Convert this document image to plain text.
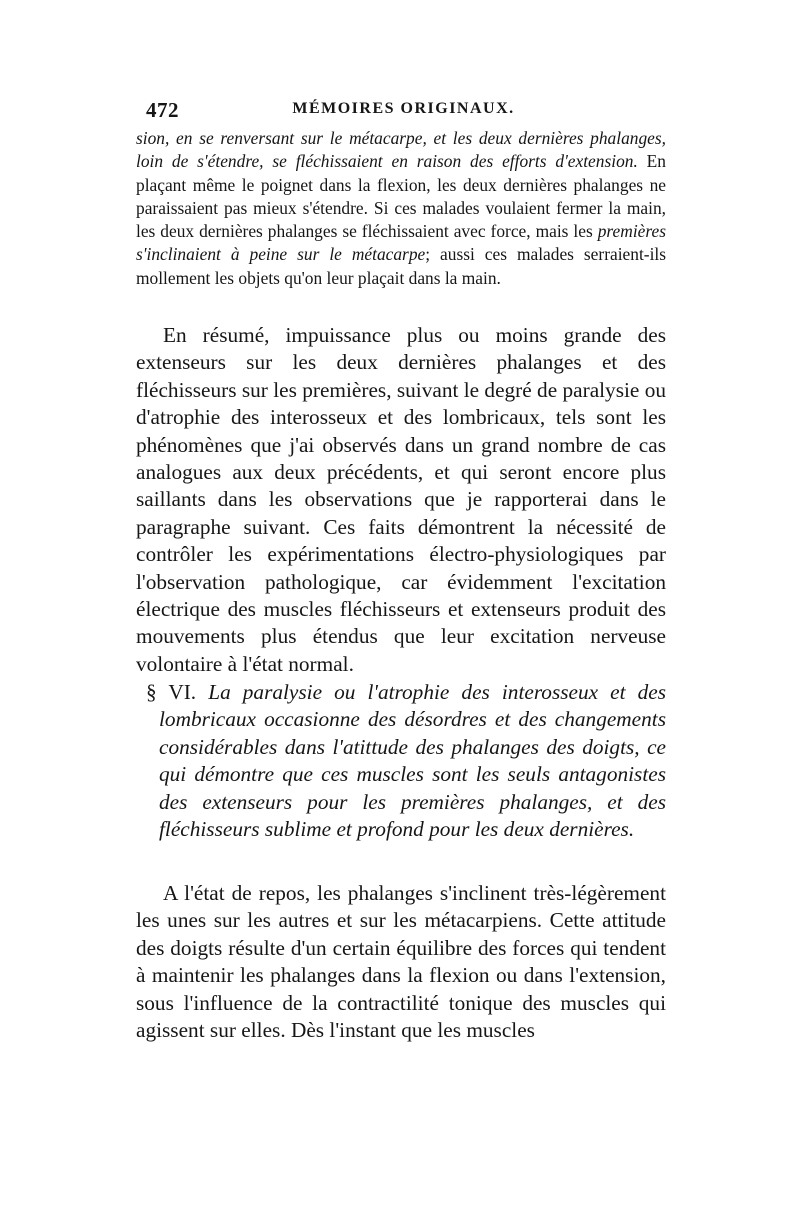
472	MÉMOIRES ORIGINAUX.

sion, en se renversant sur le métacarpe, et les deux dernières phalanges, loin de s'étendre, se fléchissaient en raison des efforts d'extension. En plaçant même le poignet dans la flexion, les deux dernières phalanges ne paraissaient pas mieux s'étendre. Si ces malades voulaient fermer la main, les deux dernières phalanges se fléchissaient avec force, mais les premières s'inclinaient à peine sur le métacarpe; aussi ces malades serraient-ils mollement les objets qu'on leur plaçait dans la main.

En résumé, impuissance plus ou moins grande des extenseurs sur les deux dernières phalanges et des fléchisseurs sur les premières, suivant le degré de paralysie ou d'atrophie des interosseux et des lombricaux, tels sont les phénomènes que j'ai observés dans un grand nombre de cas analogues aux deux précédents, et qui seront encore plus saillants dans les observations que je rapporterai dans le paragraphe suivant. Ces faits démontrent la nécessité de contrôler les expérimentations électro-physiologiques par l'observation pathologique, car évidemment l'excitation électrique des muscles fléchisseurs et extenseurs produit des mouvements plus étendus que leur excitation nerveuse volontaire à l'état normal.

§ VI. La paralysie ou l'atrophie des interosseux et des lombricaux occasionne des désordres et des changements considérables dans l'atittude des phalanges des doigts, ce qui démontre que ces muscles sont les seuls antagonistes des extenseurs pour les premières phalanges, et des fléchisseurs sublime et profond pour les deux dernières.

A l'état de repos, les phalanges s'inclinent très-légèrement les unes sur les autres et sur les métacarpiens. Cette attitude des doigts résulte d'un certain équilibre des forces qui tendent à maintenir les phalanges dans la flexion ou dans l'extension, sous l'influence de la contractilité tonique des muscles qui agissent sur elles. Dès l'instant que les muscles
